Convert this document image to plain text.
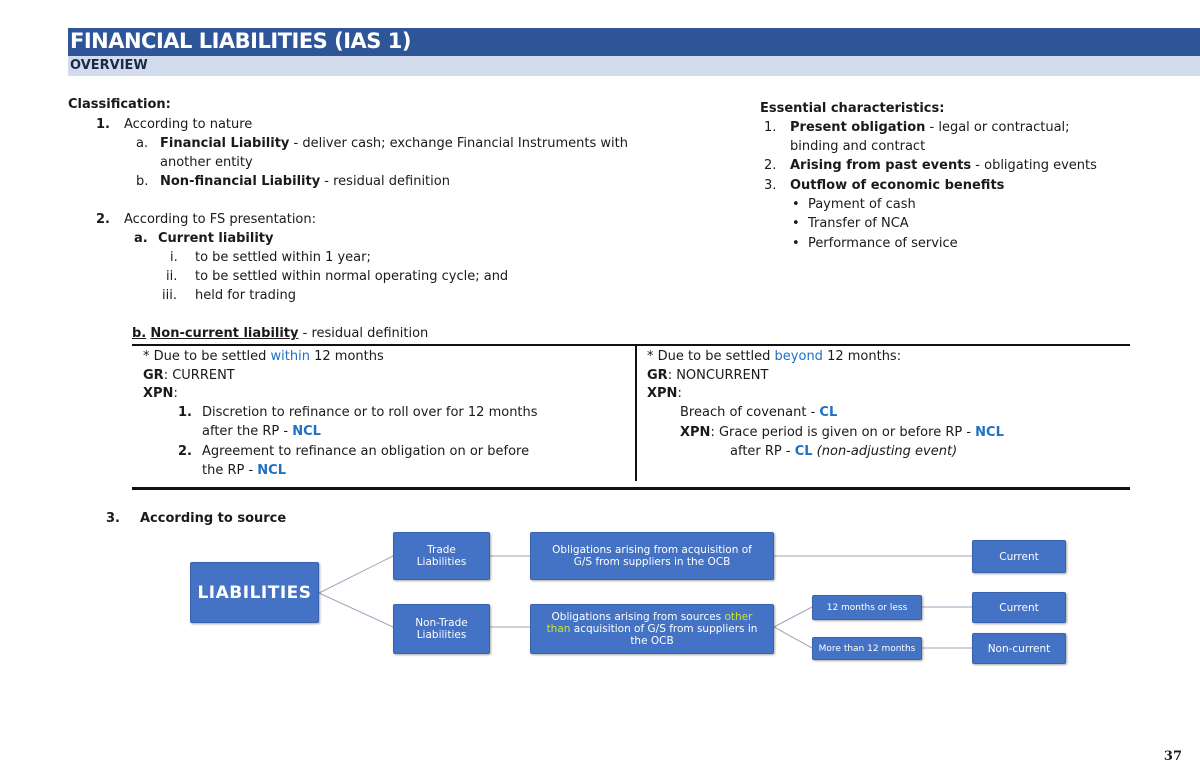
FINANCIAL LIABILITIES (IAS 1)
OVERVIEW
Classification:
1. According to nature
a. Financial Liability - deliver cash; exchange Financial Instruments with
another entity
b. Non-financial Liability - residual definition
2. According to FS presentation:
a. Current liability
i. to be settled within 1 year;
ii. to be settled within normal operating cycle; and
iii. held for trading
b. Non-current liability - residual definition
Essential characteristics:
1. Present obligation - legal or contractual;
binding and contract
2. Arising from past events - obligating events
3. Outflow of economic benefits
•  Payment of cash
•  Transfer of NCA
•  Performance of service
* Due to be settled within 12 months
GR: CURRENT
XPN:
1. Discretion to refinance or to roll over for 12 months
after the RP - NCL
2. Agreement to refinance an obligation on or before
the RP - NCL
* Due to be settled beyond 12 months:
GR: NONCURRENT
XPN:
Breach of covenant - CL
XPN: Grace period is given on or before RP - NCL
after RP - CL (non-adjusting event)
3. According to source
LIABILITIES
Trade
Liabilities
Non-Trade
Liabilities
Obligations arising from acquisition of
G/S from suppliers in the OCB
Obligations arising from sources other
than acquisition of G/S from suppliers in
the OCB
12 months or less
More than 12 months
Current
Current
Non-current
37
